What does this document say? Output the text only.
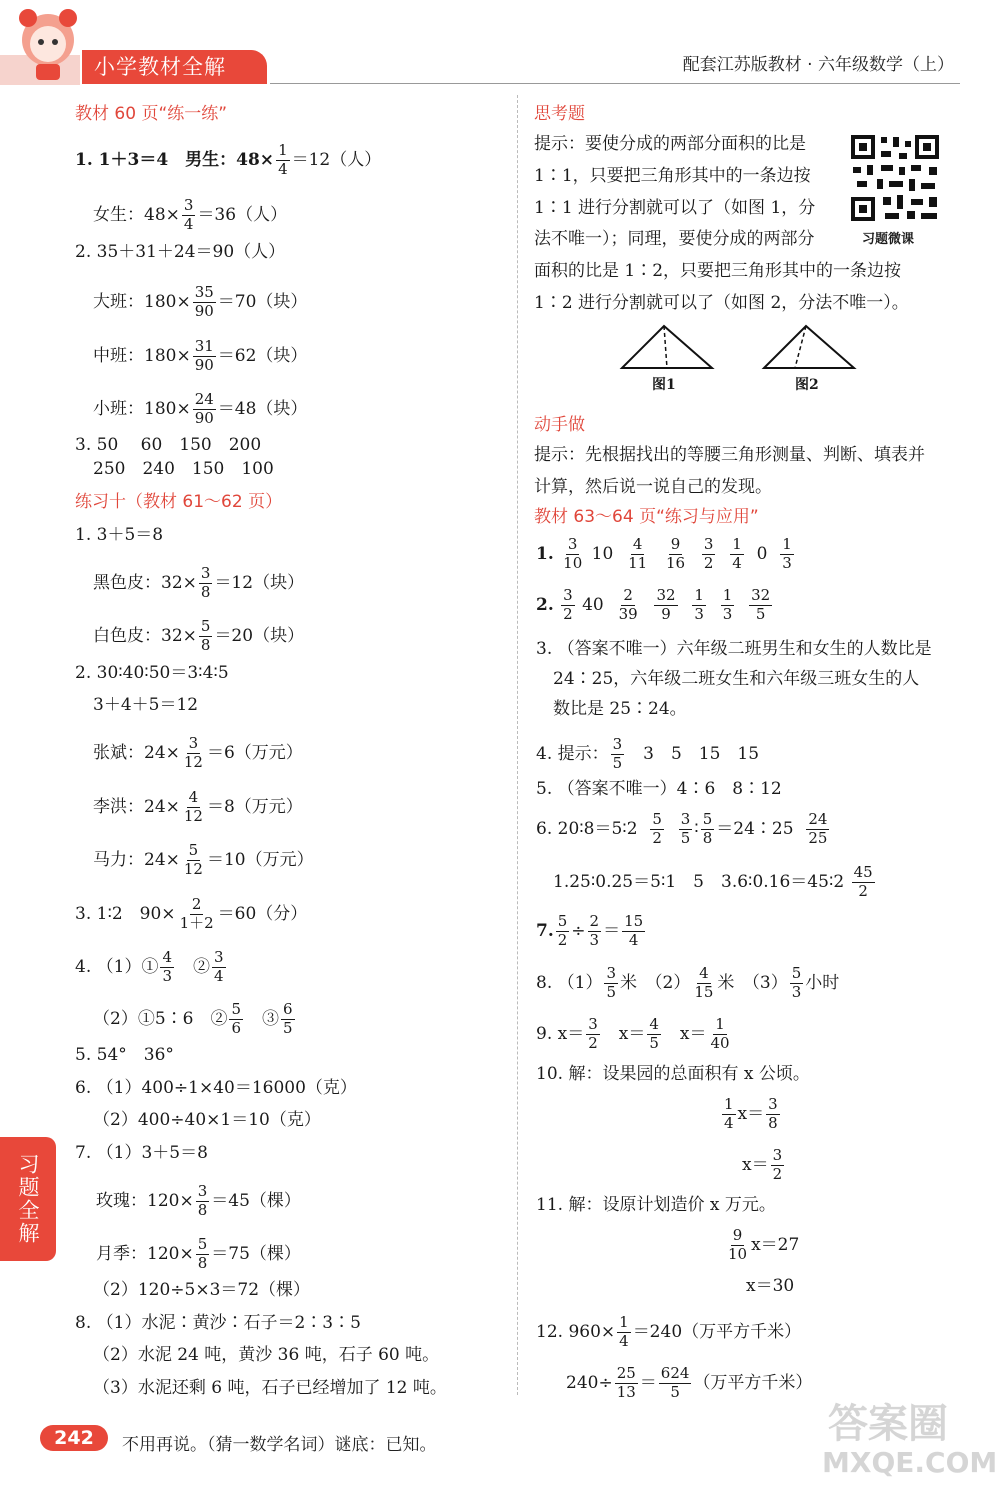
小学教材全解	配套江苏版教材 · 六年级数学（上）
教材 60 页“练一练”
1. 1＋3＝4　男生：$48\times \frac{1}{4} =12$（人）
女生：$48\times \frac{3}{4} =36$（人）
2. 35＋31＋24＝90（人）
大班：$180\times \frac{35}{90} =70$（块）
中班：$180\times \frac{31}{90} =62$（块）
小班：$180\times \frac{24}{90} =48$（块）
3. 50　 60　150　200
250　240　150　100
练习十（教材 61～62 页）
1. 3＋5＝8
黑色皮：$32\times \frac{3}{8} =12$（块）
白色皮：$32\times \frac{5}{8} =20$（块）
2. 30∶40∶50＝3∶4∶5
3＋4＋5＝12
张斌：$24\times \frac{3}{12} =6$（万元）
李洪：$24\times \frac{4}{12} =8$（万元）
马力：$24\times \frac{5}{12} =10$（万元）
3. 1∶2　$90\times \frac{2}{1+2} =60$（分）
4. （1）① $\frac{4}{3}$ 　② $\frac{3}{4}$
（2）①5∶6　② $\frac{5}{6}$ 　③ $\frac{6}{5}$
5. 54°　36°
6. （1）400÷1×40＝16000（克）
（2）400÷40×1＝10（克）
7. （1）3＋5＝8
玫瑰：$120\times \frac{3}{8} =45$（棵）
月季：$120\times \frac{5}{8} =75$（棵）
（2）120÷5×3＝72（棵）
8. （1）水泥∶黄沙∶石子＝2∶3∶5
（2）水泥 24 吨，黄沙 36 吨，石子 60 吨。
（3）水泥还剩 6 吨，石子已经增加了 12 吨。
习题全解
思考题
提示：要使分成的两部分面积的比是
1∶1，只要把三角形其中的一条边按
1∶1 进行分割就可以了（如图 1，分
法不唯一）；同理，要使分成的两部分
面积的比是 1∶2，只要把三角形其中的一条边按
1∶2 进行分割就可以了（如图 2，分法不唯一）。
习题微课
图1	图2
动手做
提示：先根据找出的等腰三角形测量、判断、填表并
计算，然后说一说自己的发现。
教材 63～64 页“练习与应用”
1. $\frac{3}{10} 10 \frac{4}{11}$
$\frac{9}{16}$
$\frac{3}{2}$
$\frac{1}{4} 0 \frac{1}{3}$
2. $\frac{3}{2} 40 \frac{2}{39}$
$\frac{32}{9}$
$\frac{1}{3}$
$\frac{1}{3}$
$\frac{32}{5}$
3. （答案不唯一）六年级二班男生和女生的人数比是
24∶25，六年级二班女生和六年级三班女生的人
数比是 25∶24。
4. 提示： $\frac{3}{5}$ 　3　5　15　15
5. （答案不唯一）4∶6　8∶12
6. 20∶8＝5∶2 $\frac{5}{2}$
$\frac{3}{5}$ ∶ $\frac{5}{8}$ ＝24∶25 $\frac{24}{25}$
1.25∶0.25＝5∶1　5　3.6∶0.16＝45∶2 $\frac{45}{2}$
7. $\frac{5}{2} \div \frac{2}{3} = \frac{15}{4}$
8. $(1) \frac{3}{5}$ 米　$(2) \frac{4}{15}$ 米　$(3) \frac{5}{3}$ 小时
9. $x= \frac{3}{2}$ 　$x= \frac{4}{5}$ 　$x= \frac{1}{40}$
10. 解：设果园的总面积有 x 公顷。
$\frac{1}{4} x= \frac{3}{8}$
$x= \frac{3}{2}$
11. 解：设原计划造价 x 万元。
$\frac{9}{10} x=27$
x＝30
12. $960\times \frac{1}{4} =240$（万平方千米）
$240\div \frac{25}{13} = \frac{624}{5}$ （万平方千米）
242	不用再说。（猜一数学名词）谜底：已知。	答案圈
MXQE.COM
